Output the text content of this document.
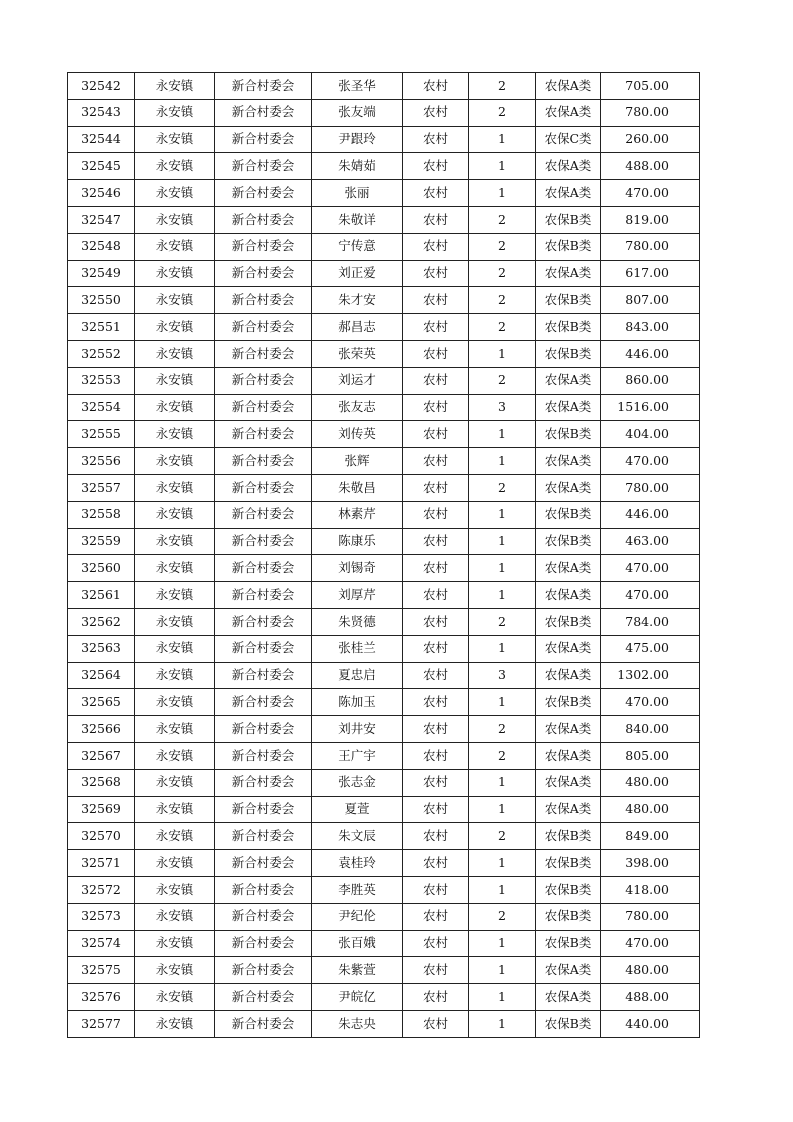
32542	永安镇	新合村委会	张圣华	农村	2	农保A类	705.00
32543	永安镇	新合村委会	张友端	农村	2	农保A类	780.00
32544	永安镇	新合村委会	尹跟玲	农村	1	农保C类	260.00
32545	永安镇	新合村委会	朱婧茹	农村	1	农保A类	488.00
32546	永安镇	新合村委会	张丽	农村	1	农保A类	470.00
32547	永安镇	新合村委会	朱敬详	农村	2	农保B类	819.00
32548	永安镇	新合村委会	宁传意	农村	2	农保B类	780.00
32549	永安镇	新合村委会	刘正爱	农村	2	农保A类	617.00
32550	永安镇	新合村委会	朱才安	农村	2	农保B类	807.00
32551	永安镇	新合村委会	郝昌志	农村	2	农保B类	843.00
32552	永安镇	新合村委会	张荣英	农村	1	农保B类	446.00
32553	永安镇	新合村委会	刘运才	农村	2	农保A类	860.00
32554	永安镇	新合村委会	张友志	农村	3	农保A类	1516.00
32555	永安镇	新合村委会	刘传英	农村	1	农保B类	404.00
32556	永安镇	新合村委会	张辉	农村	1	农保A类	470.00
32557	永安镇	新合村委会	朱敬昌	农村	2	农保A类	780.00
32558	永安镇	新合村委会	林素芹	农村	1	农保B类	446.00
32559	永安镇	新合村委会	陈康乐	农村	1	农保B类	463.00
32560	永安镇	新合村委会	刘锡奇	农村	1	农保A类	470.00
32561	永安镇	新合村委会	刘厚芹	农村	1	农保A类	470.00
32562	永安镇	新合村委会	朱贤德	农村	2	农保B类	784.00
32563	永安镇	新合村委会	张桂兰	农村	1	农保A类	475.00
32564	永安镇	新合村委会	夏忠启	农村	3	农保A类	1302.00
32565	永安镇	新合村委会	陈加玉	农村	1	农保B类	470.00
32566	永安镇	新合村委会	刘井安	农村	2	农保A类	840.00
32567	永安镇	新合村委会	王广宇	农村	2	农保A类	805.00
32568	永安镇	新合村委会	张志金	农村	1	农保A类	480.00
32569	永安镇	新合村委会	夏萱	农村	1	农保A类	480.00
32570	永安镇	新合村委会	朱文辰	农村	2	农保B类	849.00
32571	永安镇	新合村委会	袁桂玲	农村	1	农保B类	398.00
32572	永安镇	新合村委会	李胜英	农村	1	农保B类	418.00
32573	永安镇	新合村委会	尹纪伦	农村	2	农保B类	780.00
32574	永安镇	新合村委会	张百娥	农村	1	农保B类	470.00
32575	永安镇	新合村委会	朱紫萱	农村	1	农保A类	480.00
32576	永安镇	新合村委会	尹皖亿	农村	1	农保A类	488.00
32577	永安镇	新合村委会	朱志央	农村	1	农保B类	440.00
